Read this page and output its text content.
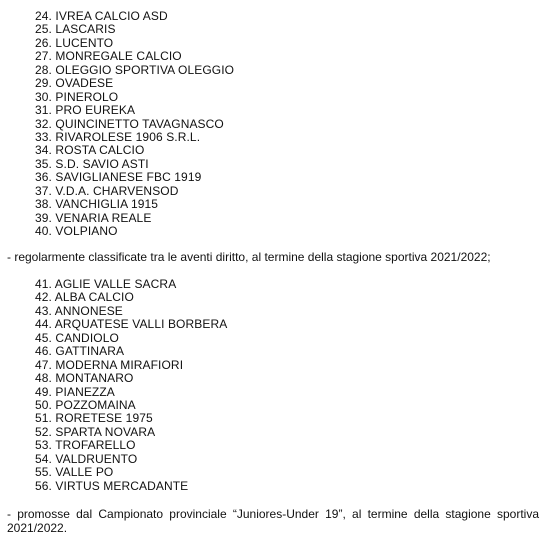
24. IVREA CALCIO ASD
25. LASCARIS
26. LUCENTO
27. MONREGALE CALCIO
28. OLEGGIO SPORTIVA OLEGGIO
29. OVADESE
30. PINEROLO
31. PRO EUREKA
32. QUINCINETTO TAVAGNASCO
33. RIVAROLESE 1906 S.R.L.
34. ROSTA CALCIO
35. S.D. SAVIO ASTI
36. SAVIGLIANESE FBC 1919
37. V.D.A. CHARVENSOD
38. VANCHIGLIA 1915
39. VENARIA REALE
40. VOLPIANO

- regolarmente classificate tra le aventi diritto, al termine della stagione sportiva 2021/2022;

41. AGLIE VALLE SACRA
42. ALBA CALCIO
43. ANNONESE
44. ARQUATESE VALLI BORBERA
45. CANDIOLO
46. GATTINARA
47. MODERNA MIRAFIORI
48. MONTANARO
49. PIANEZZA
50. POZZOMAINA
51. RORETESE 1975
52. SPARTA NOVARA
53. TROFARELLO
54. VALDRUENTO
55. VALLE PO
56. VIRTUS MERCADANTE

- promosse dal Campionato provinciale “Juniores-Under 19”, al termine della stagione sportiva

2021/2022.
